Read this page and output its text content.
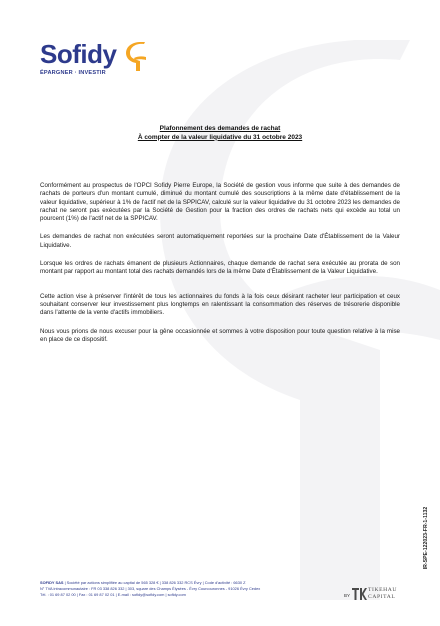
Sofidy
ÉPARGNER · INVESTIR
Plafonnement des demandes de rachat
À compter de la valeur liquidative du 31 octobre 2023

Conformément au prospectus de l'OPCI Sofidy Pierre Europe, la Société de gestion vous informe que suite à des demandes de rachats de porteurs d'un montant cumulé, diminué du montant cumulé des souscriptions à la même date d'établissement de la valeur liquidative, supérieur à 1% de l'actif net de la SPPICAV, calculé sur la valeur liquidative du 31 octobre 2023 les demandes de rachat ne seront pas exécutées par la Société de Gestion pour la fraction des ordres de rachats nets qui excède au total un pourcent (1%) de l'actif net de la SPPICAV.

Les demandes de rachat non exécutées seront automatiquement reportées sur la prochaine Date d'Établissement de la Valeur Liquidative.

Lorsque les ordres de rachats émanent de plusieurs Actionnaires, chaque demande de rachat sera exécutée au prorata de son montant par rapport au montant total des rachats demandés lors de la même Date d'Établissement de la Valeur Liquidative.

Cette action vise à préserver l'intérêt de tous les actionnaires du fonds à la fois ceux désirant racheter leur participation et ceux souhaitant conserver leur investissement plus longtemps en ralentissant la consommation des réserves de trésorerie disponible dans l'attente de la vente d'actifs immobiliers.

Nous vous prions de nous excuser pour la gêne occasionnée et sommes à votre disposition pour toute question relative à la mise en place de ce dispositif.

IR-SPE-122023-FR-1-1132
SOFIDY SAS | Société par actions simplifiée au capital de 565 328 € | 338 826 332 RCS Évry | Code d'activité : 6630 Z
N° TVA intracommunautaire : FR 03 338 826 332 | 303, square des Champs Élysées - Évry Courcouronnes - 91026 Évry Cedex
Tél. : 01 69 87 02 00 | Fax : 01 69 87 02 01 | E-mail : sofidy@sofidy.com | sofidy.com	BY
TIKEHAU
CAPITAL
